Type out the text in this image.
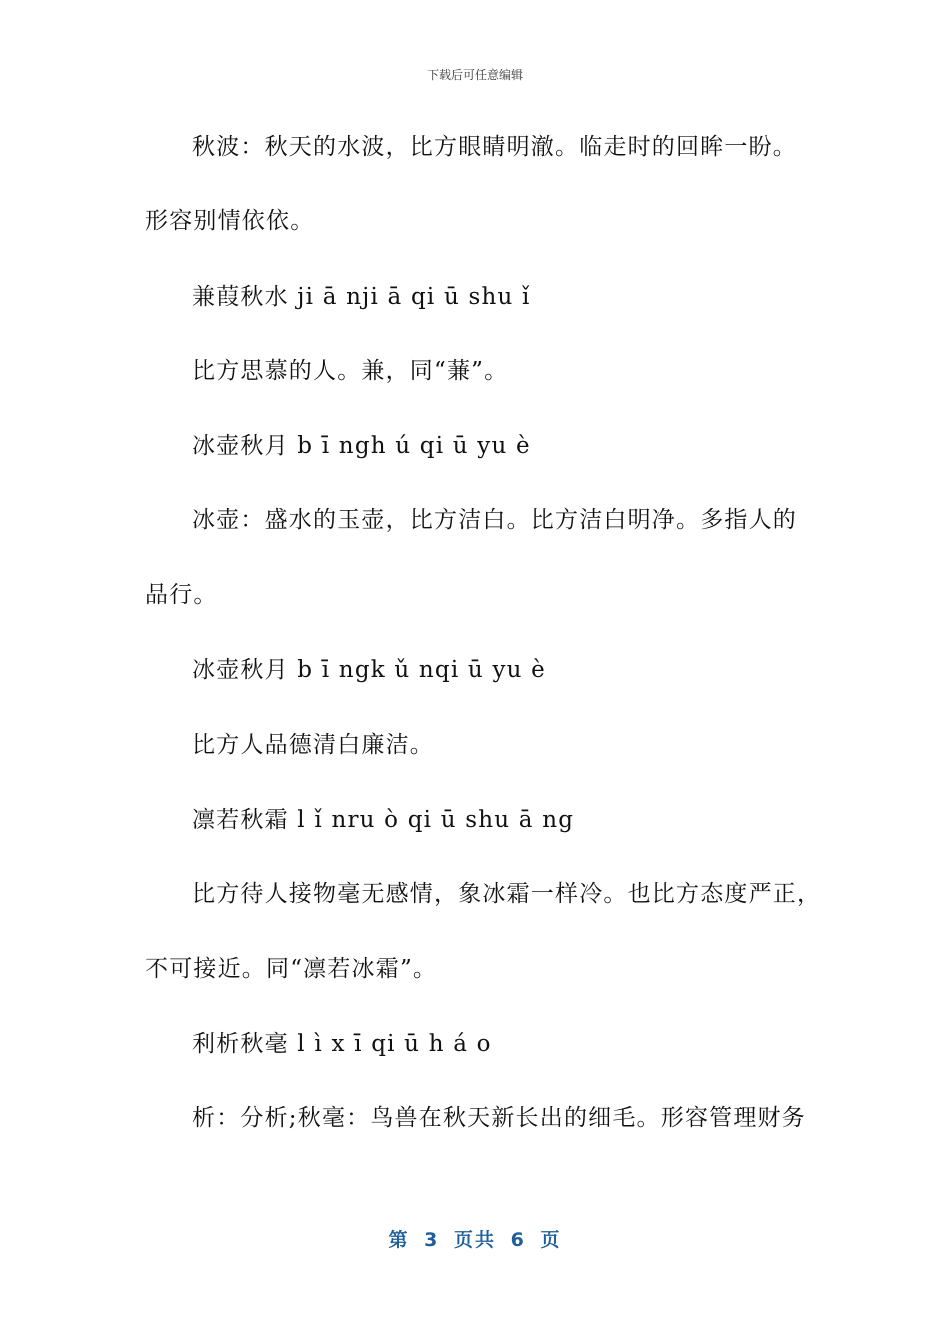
下载后可任意编辑
秋波：秋天的水波，比方眼睛明澈。临走时的回眸一盼。
形容别情依依。
兼葭秋水 ji ā nji ā qi ū shu ǐ
比方思慕的人。兼，同“蒹”。
冰壶秋月 b ī ngh ú qi ū yu è
冰壶：盛水的玉壶，比方洁白。比方洁白明净。多指人的
品行。
冰壶秋月 b ī ngk ǔ nqi ū yu è
比方人品德清白廉洁。
凛若秋霜 l ǐ nru ò qi ū shu ā ng
比方待人接物毫无感情，象冰霜一样冷。也比方态度严正，
不可接近。同“凛若冰霜”。
利析秋毫 l ì x ī qi ū h á o
析：分析;秋毫：鸟兽在秋天新长出的细毛。形容管理财务
第 3 页共 6 页
